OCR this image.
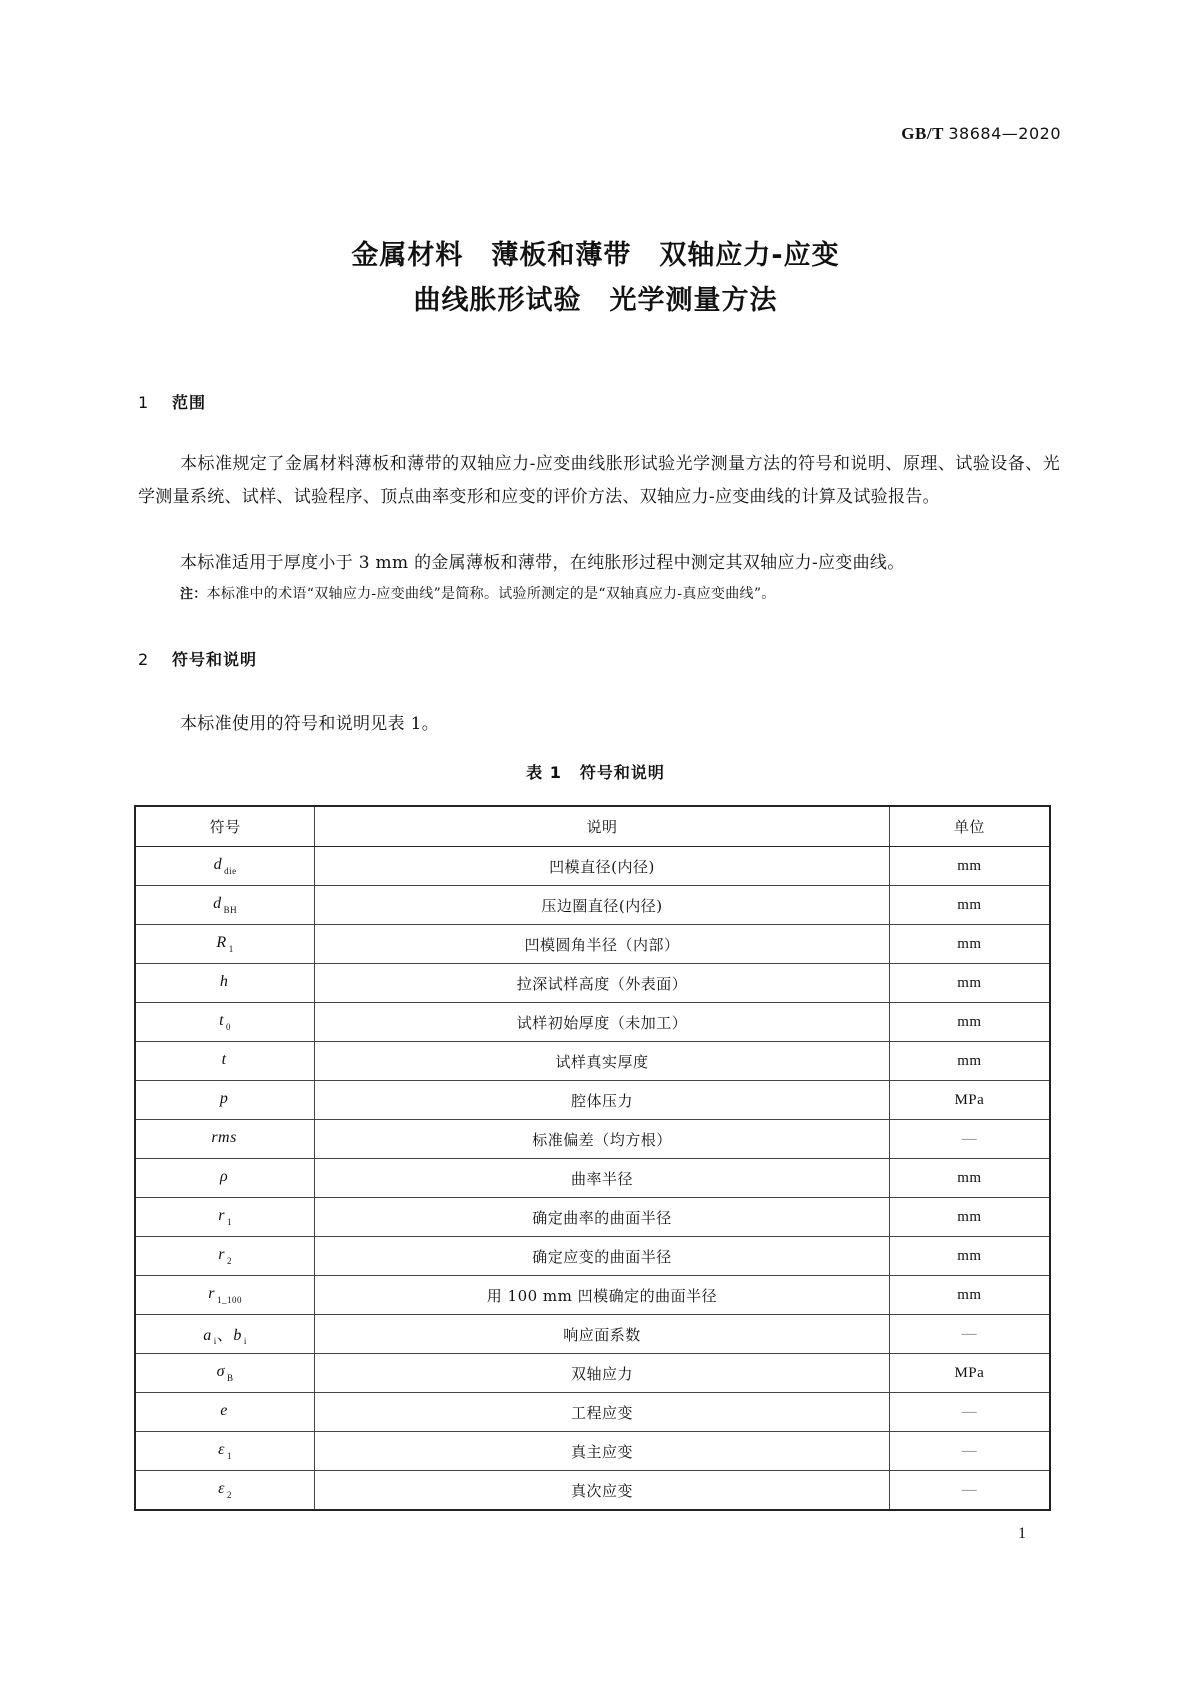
GB/T 38684—2020
金属材料　薄板和薄带　双轴应力-应变
曲线胀形试验　光学测量方法
1 范围
本标准规定了金属材料薄板和薄带的双轴应力-应变曲线胀形试验光学测量方法的符号和说明、原理、试验设备、光学测量系统、试样、试验程序、顶点曲率变形和应变的评价方法、双轴应力-应变曲线的计算及试验报告。
本标准适用于厚度小于 3 mm 的金属薄板和薄带，在纯胀形过程中测定其双轴应力-应变曲线。
注：本标准中的术语“双轴应力-应变曲线”是简称。试验所测定的是“双轴真应力-真应变曲线”。
2 符号和说明
本标准使用的符号和说明见表 1。
表 1 符号和说明
符号	说明	单位
d $_{die}$	凹模直径(内径)	mm
d $_{BH}$	压边圈直径(内径)	mm
R $_1$	凹模圆角半径（内部）	mm
h	拉深试样高度（外表面）	mm
t $_0$	试样初始厚度（未加工）	mm
t	试样真实厚度	mm
p	腔体压力	MPa
rms	标准偏差（均方根）	—
ρ	曲率半径	mm
r $_1$	确定曲率的曲面半径	mm
r $_2$	确定应变的曲面半径	mm
r $_{1\_100}$	用 100 mm 凹模确定的曲面半径	mm
a $_i$、b $_i$	响应面系数	—
σ $_B$	双轴应力	MPa
e	工程应变	—
ε $_1$	真主应变	—
ε $_2$	真次应变	—
1
